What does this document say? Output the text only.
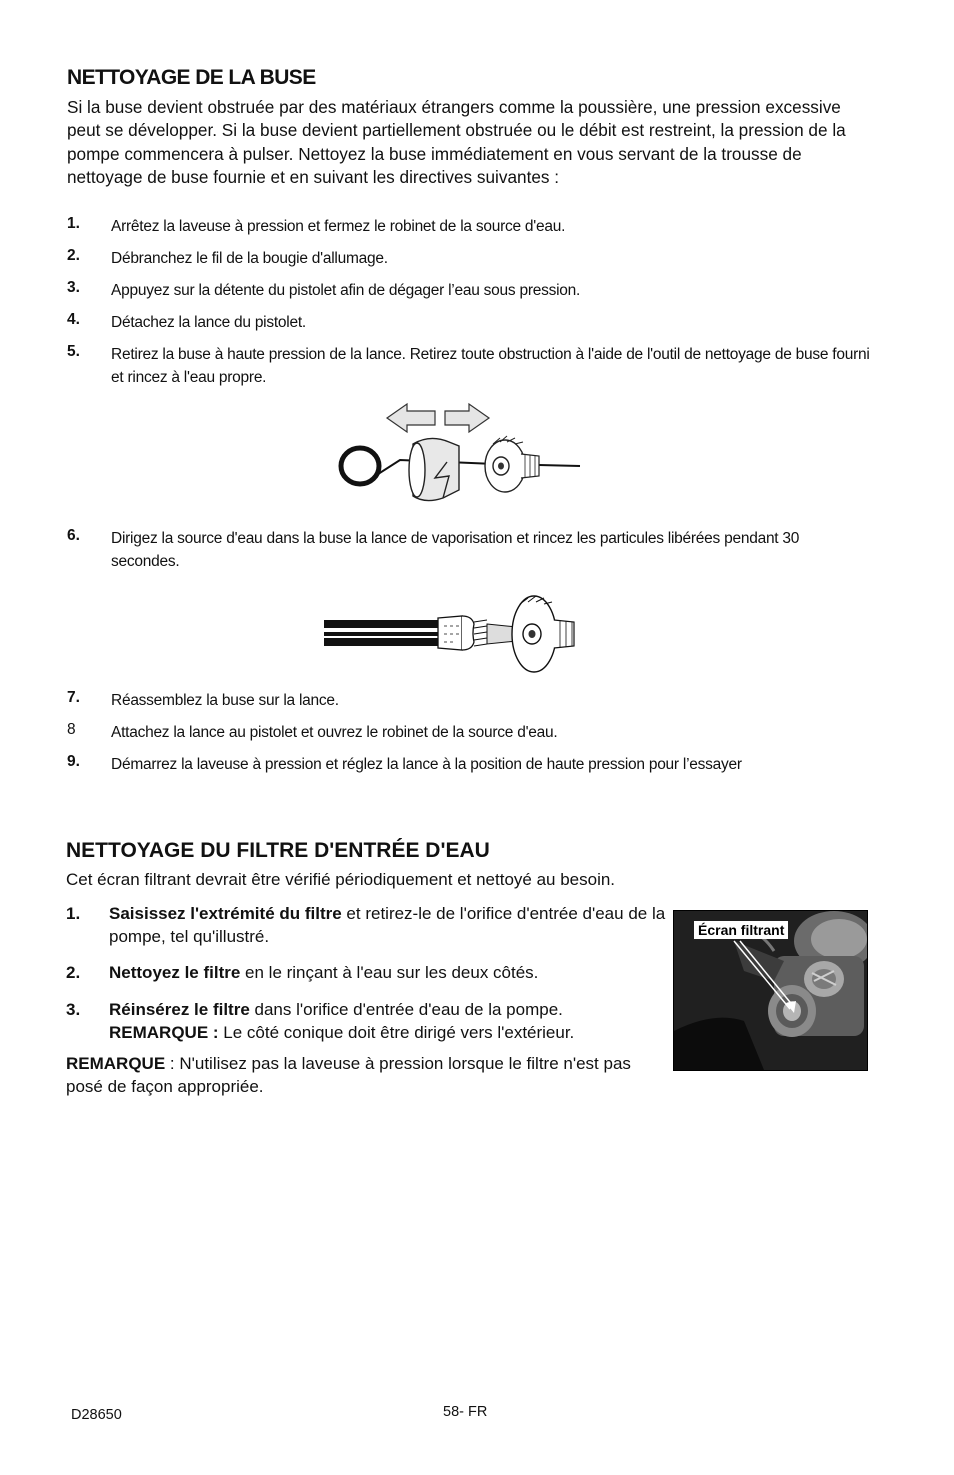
NETTOYAGE DE LA BUSE
Si la buse devient obstruée par des matériaux étrangers comme la poussière, une pression excessive peut se développer. Si la buse devient partiellement obstruée ou le débit est restreint, la pression de la pompe commencera à pulser. Nettoyez la buse immédiatement en vous servant de la trousse de nettoyage de buse fournie et en suivant les directives suivantes :
1. Arrêtez la laveuse à pression et fermez le robinet de la source d'eau.
2. Débranchez le fil de la bougie d'allumage.
3. Appuyez sur la détente du pistolet afin de dégager l’eau sous pression.
4. Détachez la lance du pistolet.
5. Retirez la buse à haute pression de la lance. Retirez toute obstruction à l'aide de l'outil de nettoyage de buse fourni et rincez à l'eau propre.
6. Dirigez la source d'eau dans la buse la lance de vaporisation et rincez les particules libérées pendant 30 secondes.
7. Réassemblez la buse sur la lance.
8 Attachez la lance au pistolet et ouvrez le robinet de la source d'eau.
9. Démarrez la laveuse à pression et réglez la lance à la position de haute pression pour l’essayer
NETTOYAGE DU FILTRE D'ENTRÉE D'EAU
Cet écran filtrant devrait être vérifié périodiquement et nettoyé au besoin.
1. Saisissez l'extrémité du filtre et retirez-le de l'orifice d'entrée d'eau de la pompe, tel qu'illustré.
2. Nettoyez le filtre en le rinçant à l'eau sur les deux côtés.
3. Réinsérez le filtre dans l'orifice d'entrée d'eau de la pompe.
REMARQUE : Le côté conique doit être dirigé vers l'extérieur.
REMARQUE : N'utilisez pas la laveuse à pression lorsque le filtre n'est pas posé de façon appropriée.
Écran filtrant
D28650	58- FR
